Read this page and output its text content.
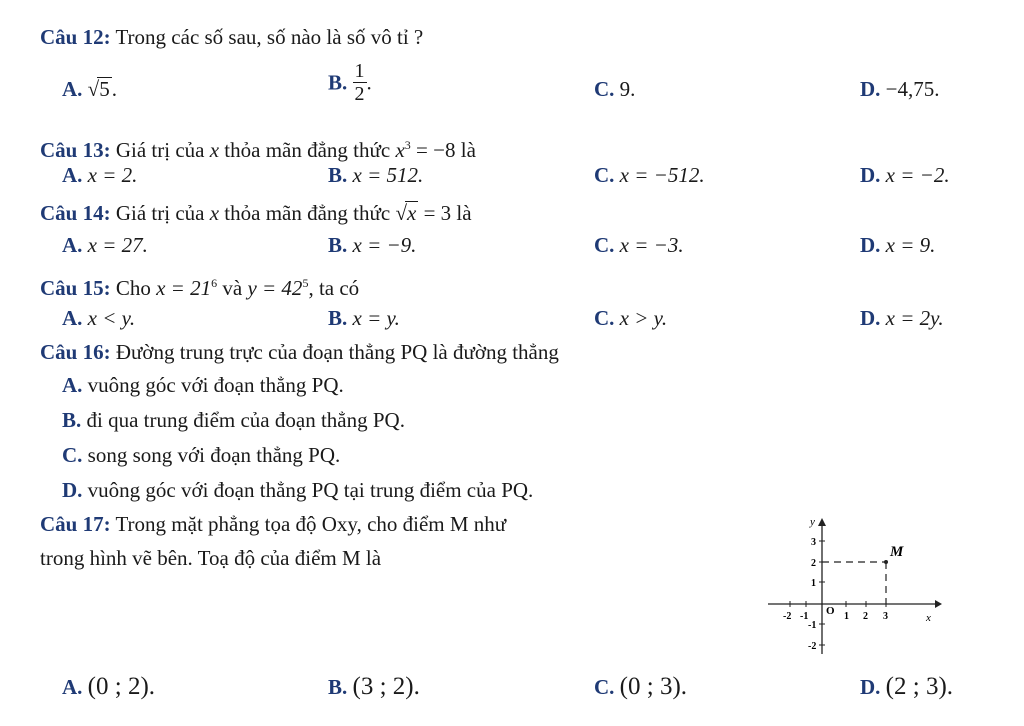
Câu 12: Trong các số sau, số nào là số vô tỉ ?
A. √5.	B. $\frac{1}{2}$ .	C. 9.	D. −4,75.
Câu 13: Giá trị của x thỏa mãn đẳng thức $x^3 = -8$ là
A. x = 2.	B. x = 512.	C. x = −512.	D. x = −2.
Câu 14: Giá trị của x thỏa mãn đẳng thức √x = 3 là
A. x = 27.	B. x = −9.	C. x = −3.	D. x = 9.
Câu 15: Cho $x = 21^6$ và $y = 42^5$, ta có
A. x < y.	B. x = y.	C. x > y.	D. x = 2y.
Câu 16: Đường trung trực của đoạn thẳng PQ là đường thẳng
A. vuông góc với đoạn thẳng PQ.
B. đi qua trung điểm của đoạn thẳng PQ.
C. song song với đoạn thẳng PQ.
D. vuông góc với đoạn thẳng PQ tại trung điểm của PQ.
Câu 17: Trong mặt phẳng tọa độ Oxy, cho điểm M như
trong hình vẽ bên. Toạ độ của điểm M là
y
x
M
O
-2 -1	1 2 3
3
2
1
-1
-2
A. (0 ; 2).	B. (3 ; 2).	C. (0 ; 3).	D. (2 ; 3).
